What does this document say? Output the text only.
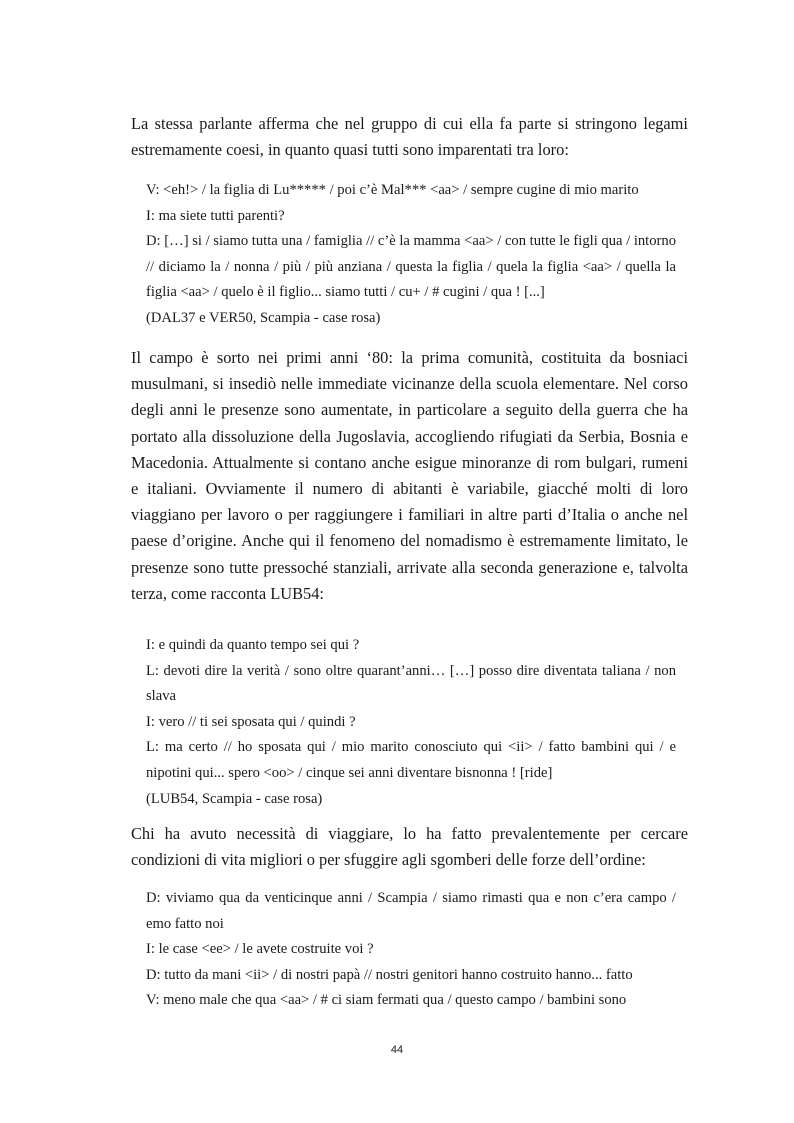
La stessa parlante afferma che nel gruppo di cui ella fa parte si stringono legami estremamente coesi, in quanto quasi tutti sono imparentati tra loro:

V: <eh!> / la figlia di Lu***** / poi c’è Mal*** <aa> / sempre cugine di mio marito
I: ma siete tutti parenti?
D: […] si / siamo tutta una / famiglia // c’è la mamma <aa> / con tutte le figli qua / intorno // diciamo la / nonna / più / più anziana / questa la figlia / quela la figlia <aa> / quella la figlia <aa> / quelo è il figlio... siamo tutti / cu+ / # cugini / qua ! [...]
(DAL37 e VER50, Scampia - case rosa)

Il campo è sorto nei primi anni ‘80: la prima comunità, costituita da bosniaci musulmani, si insediò nelle immediate vicinanze della scuola elementare. Nel corso degli anni le presenze sono aumentate, in particolare a seguito della guerra che ha portato alla dissoluzione della Jugoslavia, accogliendo rifugiati da Serbia, Bosnia e Macedonia. Attualmente si contano anche esigue minoranze di rom bulgari, rumeni e italiani. Ovviamente il numero di abitanti è variabile, giacché molti di loro viaggiano per lavoro o per raggiungere i familiari in altre parti d’Italia o anche nel paese d’origine. Anche qui il fenomeno del nomadismo è estremamente limitato, le presenze sono tutte pressoché stanziali, arrivate alla seconda generazione e, talvolta terza, come racconta LUB54:

I: e quindi da quanto tempo sei qui ?
L: devoti dire la verità / sono oltre quarant’anni… […] posso dire diventata taliana / non slava
I: vero // ti sei sposata qui / quindi ?
L: ma certo // ho sposata qui / mio marito conosciuto qui <ii> / fatto bambini qui / e nipotini qui... spero <oo> / cinque sei anni diventare bisnonna ! [ride]
(LUB54, Scampia - case rosa)

Chi ha avuto necessità di viaggiare, lo ha fatto prevalentemente per cercare condizioni di vita migliori o per sfuggire agli sgomberi delle forze dell’ordine:

D: viviamo qua da venticinque anni / Scampia / siamo rimasti qua e non c’era campo / emo fatto noi
I: le case <ee> / le avete costruite voi ?
D: tutto da mani <ii> / di nostri papà // nostri genitori hanno costruito hanno... fatto
V: meno male che qua <aa> / # ci siam fermati qua / questo campo / bambini sono
44
